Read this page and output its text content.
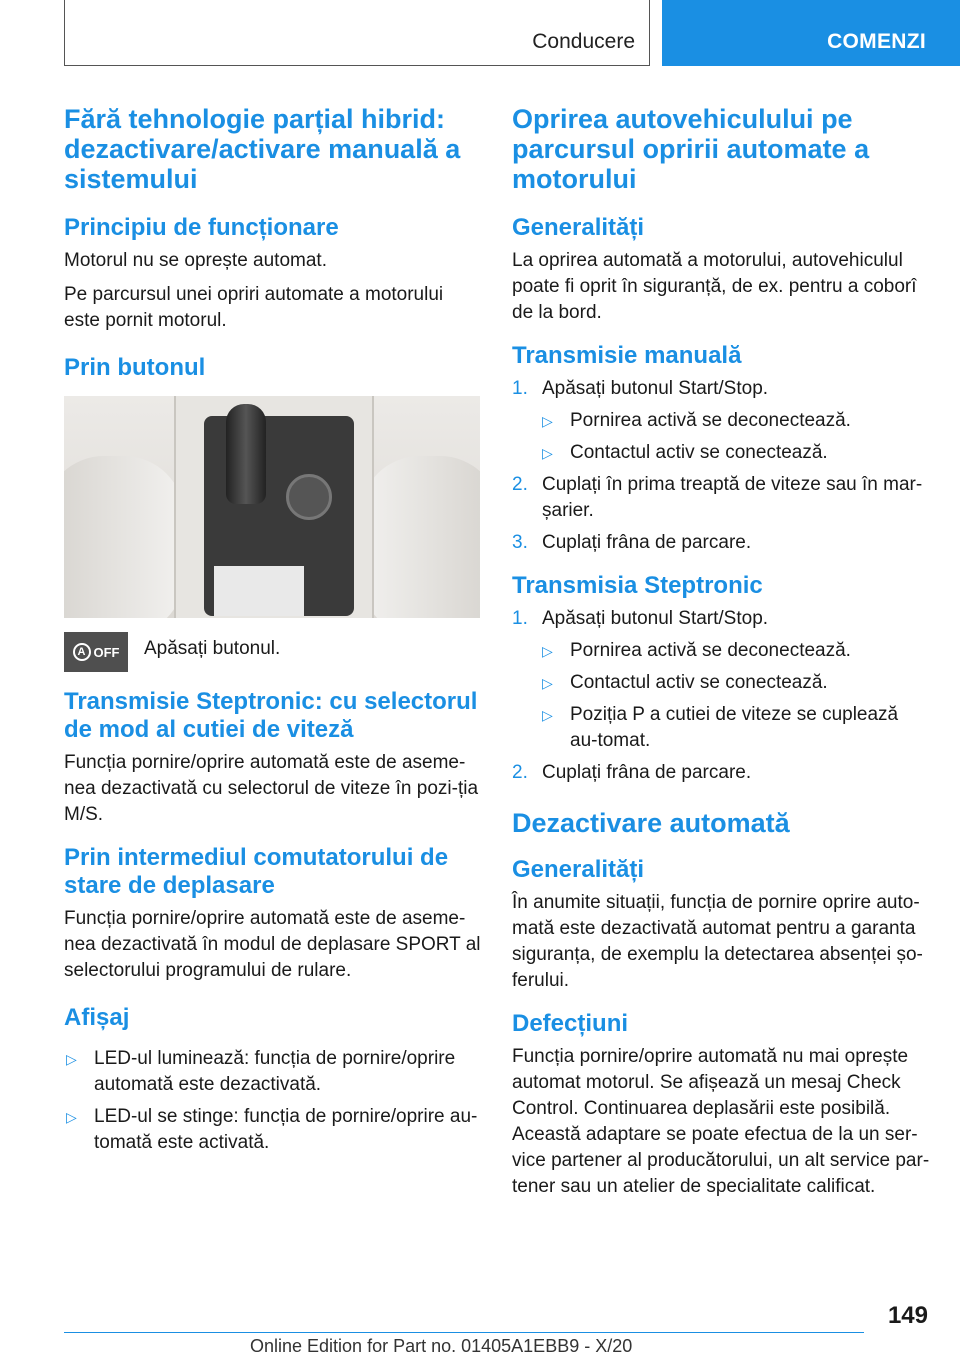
Conducere	COMENZI
Fără tehnologie parțial hibrid: dezactivare/activare manuală a sistemului
Principiu de funcționare

Motorul nu se oprește automat.

Pe parcursul unei opriri automate a motorului este pornit motorul.

Prin butonul
A OFF Apăsați butonul.

Transmisie Steptronic: cu selectorul de mod al cutiei de viteză

Funcția pornire/oprire automată este de aseme-nea dezactivată cu selectorul de viteze în pozi-ția M/S.

Prin intermediul comutatorului de stare de deplasare

Funcția pornire/oprire automată este de aseme-nea dezactivată în modul de deplasare SPORT al selectorului programului de rulare.

Afișaj
▷ LED-ul luminează: funcția de pornire/oprire automată este dezactivată.
▷ LED-ul se stinge: funcția de pornire/oprire au-tomată este activată.
Oprirea autovehiculului pe parcursul opririi automate a motorului
Generalități

La oprirea automată a motorului, autovehiculul poate fi oprit în siguranță, de ex. pentru a coborî de la bord.

Transmisie manuală
1. Apăsați butonul Start/Stop.
▷ Pornirea activă se deconectează.
▷ Contactul activ se conectează.
2. Cuplați în prima treaptă de viteze sau în mar-șarier.
3. Cuplați frâna de parcare.
Transmisia Steptronic
1. Apăsați butonul Start/Stop.
▷ Pornirea activă se deconectează.
▷ Contactul activ se conectează.
▷ Poziția P a cutiei de viteze se cuplează au-tomat.
2. Cuplați frâna de parcare.
Dezactivare automată
Generalități

În anumite situații, funcția de pornire oprire auto-mată este dezactivată automat pentru a garanta siguranța, de exemplu la detectarea absenței șo-ferului.

Defecțiuni

Funcția pornire/oprire automată nu mai oprește automat motorul. Se afișează un mesaj Check Control. Continuarea deplasării este posibilă. Această adaptare se poate efectua de la un ser-vice partener al producătorului, un alt service par-tener sau un atelier de specialitate calificat.

149
Online Edition for Part no. 01405A1EBB9 - X/20
